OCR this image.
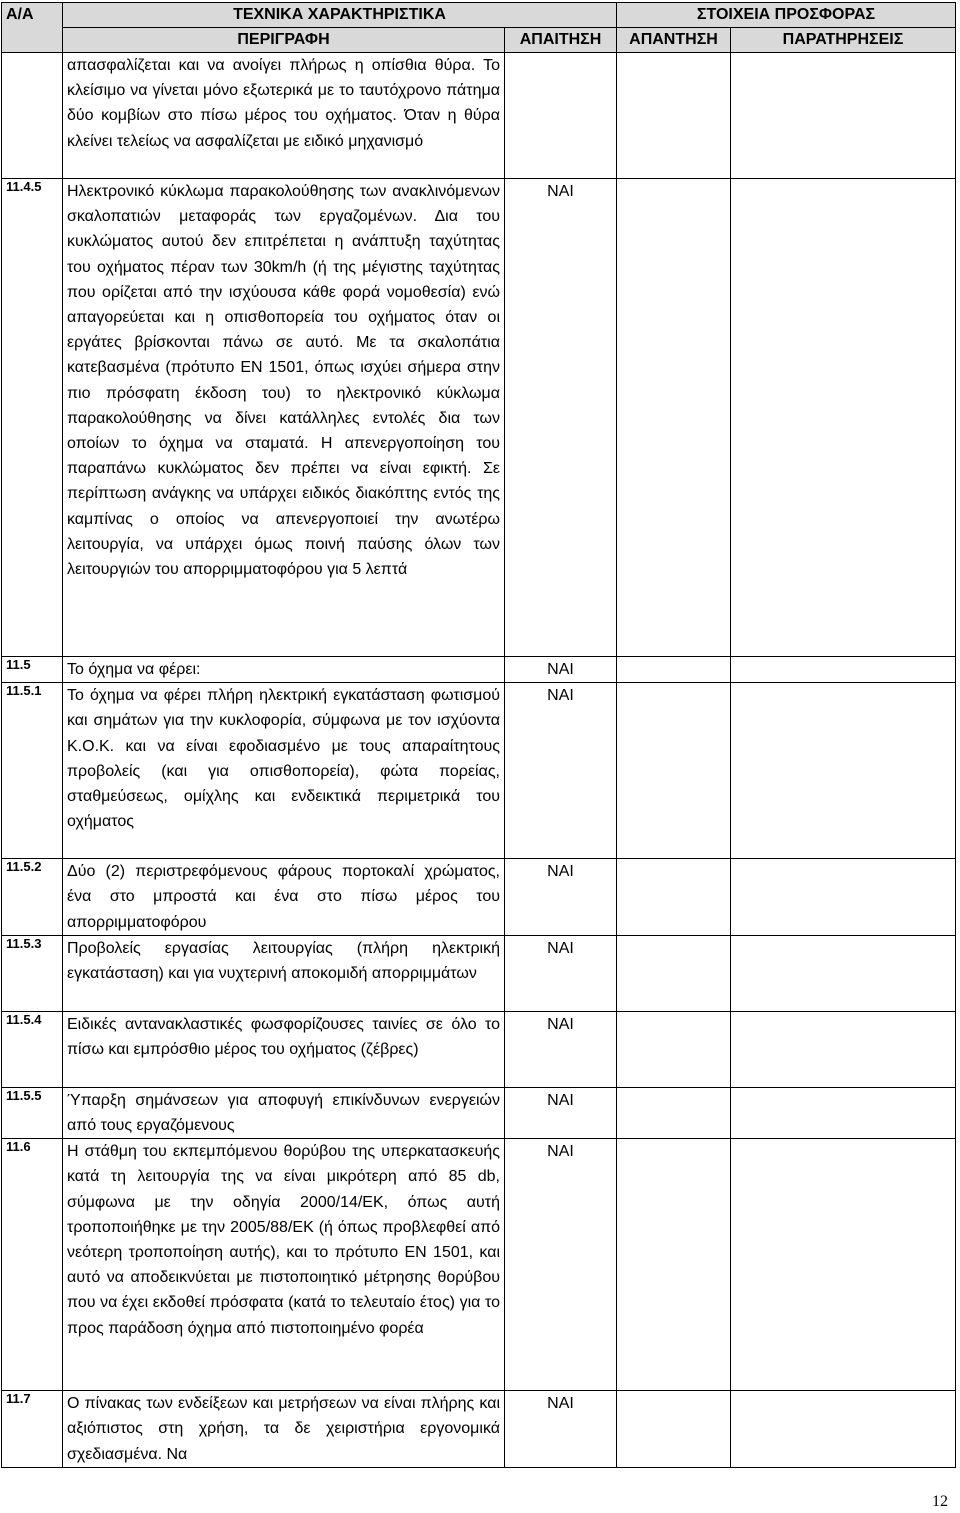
Α/Α	ΤΕΧΝΙΚΑ ΧΑΡΑΚΤΗΡΙΣΤΙΚΑ		ΣΤΟΙΧΕΙΑ ΠΡΟΣΦΟΡΑΣ	
	ΠΕΡΙΓΡΑΦΗ	ΑΠΑΙΤΗΣΗ	ΑΠΑΝΤΗΣΗ	ΠΑΡΑΤΗΡΗΣΕΙΣ
	απασφαλίζεται και να ανοίγει πλήρως η οπίσθια θύρα. Το κλείσιμο να γίνεται μόνο εξωτερικά με το ταυτόχρονο πάτημα δύο κομβίων στο πίσω μέρος του οχήματος. Όταν η θύρα κλείνει τελείως να ασφαλίζεται με ειδικό μηχανισμό			
11.4.5	Ηλεκτρονικό κύκλωμα παρακολούθησης των ανακλινόμενων σκαλοπατιών μεταφοράς των εργαζομένων. Δια του κυκλώματος αυτού δεν επιτρέπεται η ανάπτυξη ταχύτητας του οχήματος πέραν των 30km/h (ή της μέγιστης ταχύτητας που ορίζεται από την ισχύουσα κάθε φορά νομοθεσία) ενώ απαγορεύεται και η οπισθοπορεία του οχήματος όταν οι εργάτες βρίσκονται πάνω σε αυτό. Με τα σκαλοπάτια κατεβασμένα (πρότυπο ΕΝ 1501, όπως ισχύει σήμερα στην πιο πρόσφατη έκδοση του) το ηλεκτρονικό κύκλωμα παρακολούθησης να δίνει κατάλληλες εντολές δια των οποίων το όχημα να σταματά. Η απενεργοποίηση του παραπάνω κυκλώματος δεν πρέπει να είναι εφικτή. Σε περίπτωση ανάγκης να υπάρχει ειδικός διακόπτης εντός της καμπίνας ο οποίος να απενεργοποιεί την ανωτέρω λειτουργία, να υπάρχει όμως ποινή παύσης όλων των λειτουργιών του απορριμματοφόρου για 5 λεπτά	ΝΑΙ		
11.5	Το όχημα να φέρει:	ΝΑΙ		
11.5.1	Το όχημα να φέρει πλήρη ηλεκτρική εγκατάσταση φωτισμού και σημάτων για την κυκλοφορία, σύμφωνα με τον ισχύοντα Κ.Ο.Κ. και να είναι εφοδιασμένο με τους απαραίτητους προβολείς (και για οπισθοπορεία), φώτα πορείας, σταθμεύσεως, ομίχλης και ενδεικτικά περιμετρικά του οχήματος	ΝΑΙ		
11.5.2	Δύο (2) περιστρεφόμενους φάρους πορτοκαλί χρώματος, ένα στο μπροστά και ένα στο πίσω μέρος του απορριμματοφόρου	ΝΑΙ		
11.5.3	Προβολείς εργασίας λειτουργίας (πλήρη ηλεκτρική εγκατάσταση) και για νυχτερινή αποκομιδή απορριμμάτων	ΝΑΙ		
11.5.4	Ειδικές αντανακλαστικές φωσφορίζουσες ταινίες σε όλο το πίσω και εμπρόσθιο μέρος του οχήματος (ζέβρες)	ΝΑΙ		
11.5.5	Ύπαρξη σημάνσεων για αποφυγή επικίνδυνων ενεργειών από τους εργαζόμενους	ΝΑΙ		
11.6	Η στάθμη του εκπεμπόμενου θορύβου της υπερκατασκευής κατά τη λειτουργία της να είναι μικρότερη από 85 db, σύμφωνα με την οδηγία 2000/14/ΕΚ, όπως αυτή τροποποιήθηκε με την 2005/88/ΕΚ (ή όπως προβλεφθεί από νεότερη τροποποίηση αυτής), και το πρότυπο ΕΝ 1501, και αυτό να αποδεικνύεται με πιστοποιητικό μέτρησης θορύβου που να έχει εκδοθεί πρόσφατα (κατά το τελευταίο έτος) για το προς παράδοση όχημα από πιστοποιημένο φορέα	ΝΑΙ		
11.7	Ο πίνακας των ενδείξεων και μετρήσεων να είναι πλήρης και αξιόπιστος στη χρήση, τα δε χειριστήρια εργονομικά σχεδιασμένα. Να	ΝΑΙ		
12
